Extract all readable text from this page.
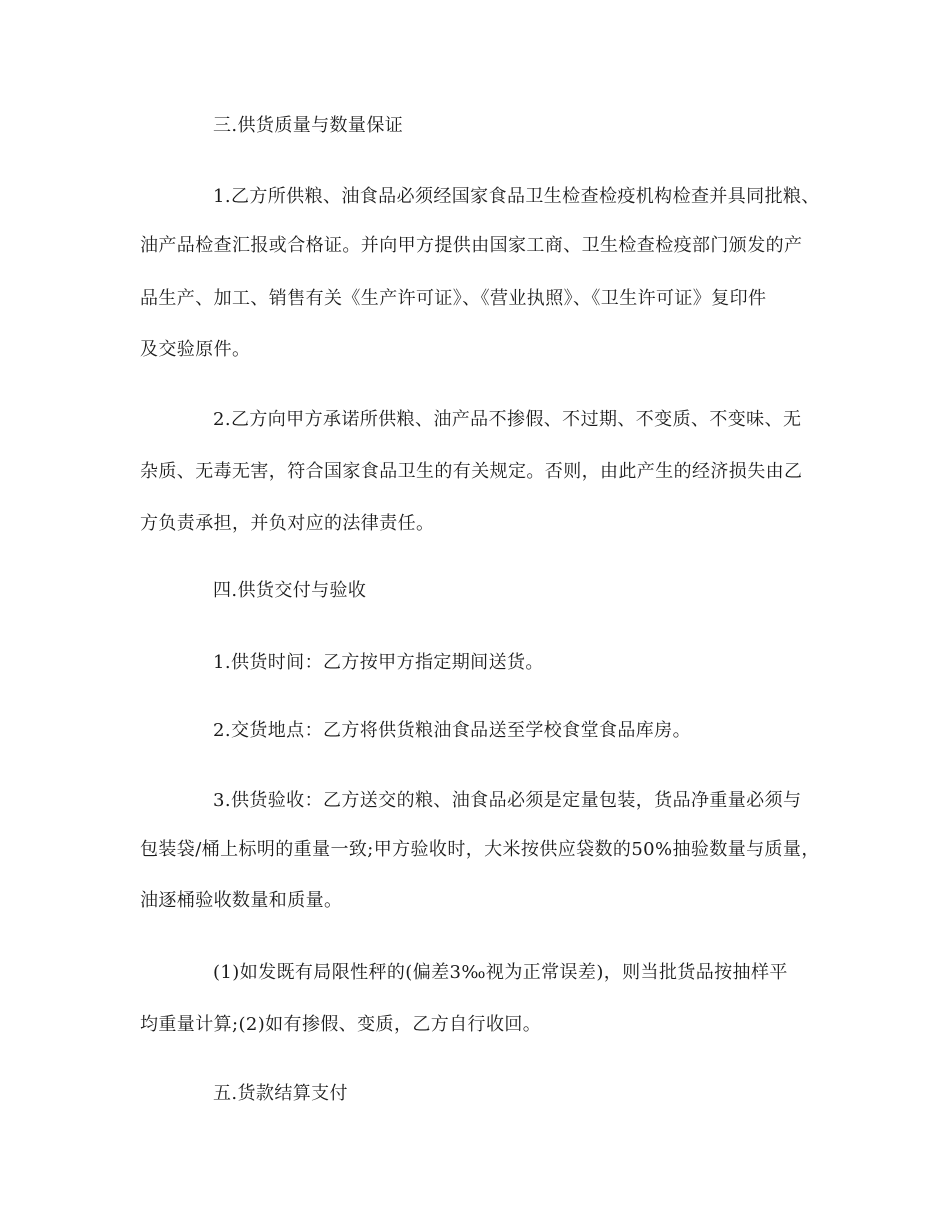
三.供货质量与数量保证
1.乙方所供粮、油食品必须经国家食品卫生检查检疫机构检查并具同批粮、
油产品检查汇报或合格证。并向甲方提供由国家工商、卫生检查检疫部门颁发的产
品生产、加工、销售有关《生产许可证》、《营业执照》、《卫生许可证》复印件
及交验原件。
2.乙方向甲方承诺所供粮、油产品不掺假、不过期、不变质、不变味、无
杂质、无毒无害，符合国家食品卫生的有关规定。否则，由此产生的经济损失由乙
方负责承担，并负对应的法律责任。
四.供货交付与验收
1.供货时间：乙方按甲方指定期间送货。
2.交货地点：乙方将供货粮油食品送至学校食堂食品库房。
3.供货验收：乙方送交的粮、油食品必须是定量包装，货品净重量必须与
包装袋/桶上标明的重量一致;甲方验收时，大米按供应袋数的50%抽验数量与质量，
油逐桶验收数量和质量。
(1)如发既有局限性秤的(偏差3‰视为正常误差)，则当批货品按抽样平
均重量计算;(2)如有掺假、变质，乙方自行收回。
五.货款结算支付
